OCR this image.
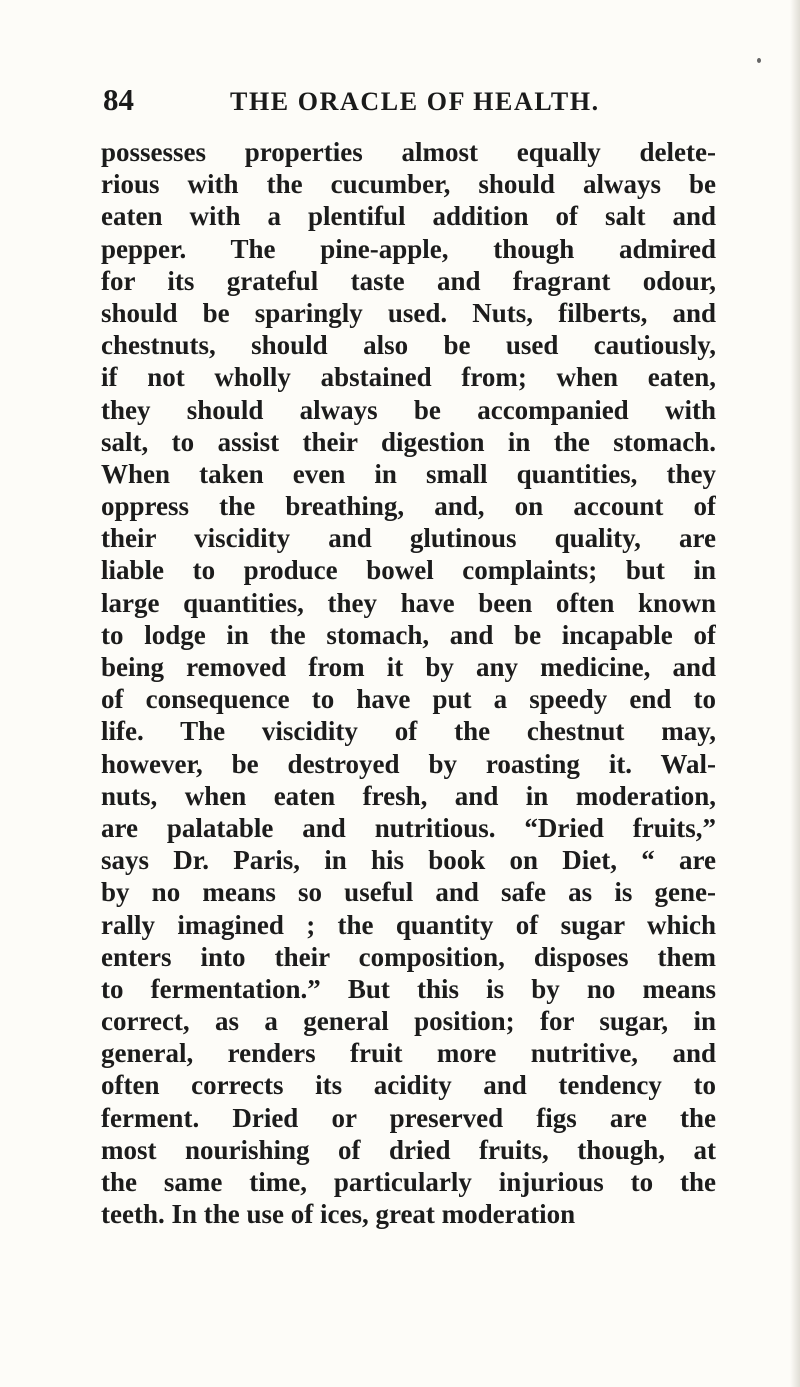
84	THE ORACLE OF HEALTH.
possesses properties almost equally delete-
rious with the cucumber, should always be
eaten with a plentiful addition of salt and
pepper. The pine-apple, though admired
for its grateful taste and fragrant odour,
should be sparingly used. Nuts, filberts, and
chestnuts, should also be used cautiously,
if not wholly abstained from; when eaten,
they should always be accompanied with
salt, to assist their digestion in the stomach.
When taken even in small quantities, they
oppress the breathing, and, on account of
their viscidity and glutinous quality, are
liable to produce bowel complaints; but in
large quantities, they have been often known
to lodge in the stomach, and be incapable of
being removed from it by any medicine, and
of consequence to have put a speedy end to
life. The viscidity of the chestnut may,
however, be destroyed by roasting it. Wal-
nuts, when eaten fresh, and in moderation,
are palatable and nutritious. “Dried fruits,”
says Dr. Paris, in his book on Diet, “ are
by no means so useful and safe as is gene-
rally imagined ; the quantity of sugar which
enters into their composition, disposes them
to fermentation.” But this is by no means
correct, as a general position; for sugar, in
general, renders fruit more nutritive, and
often corrects its acidity and tendency to
ferment. Dried or preserved figs are the
most nourishing of dried fruits, though, at
the same time, particularly injurious to the
teeth. In the use of ices, great moderation
